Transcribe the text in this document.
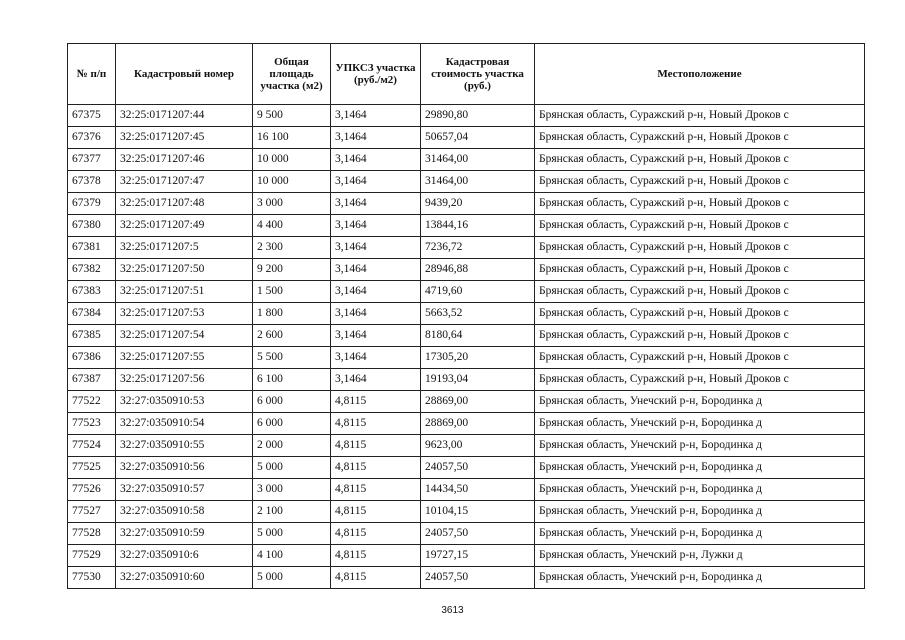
№ п/п	Кадастровый номер	Общая площадь участка (м2)	УПКСЗ участка (руб./м2)	Кадастровая стоимость участка (руб.)	Местоположение
67375	32:25:0171207:44	9 500	3,1464	29890,80	Брянская область, Суражский р-н, Новый Дроков с
67376	32:25:0171207:45	16 100	3,1464	50657,04	Брянская область, Суражский р-н, Новый Дроков с
67377	32:25:0171207:46	10 000	3,1464	31464,00	Брянская область, Суражский р-н, Новый Дроков с
67378	32:25:0171207:47	10 000	3,1464	31464,00	Брянская область, Суражский р-н, Новый Дроков с
67379	32:25:0171207:48	3 000	3,1464	9439,20	Брянская область, Суражский р-н, Новый Дроков с
67380	32:25:0171207:49	4 400	3,1464	13844,16	Брянская область, Суражский р-н, Новый Дроков с
67381	32:25:0171207:5	2 300	3,1464	7236,72	Брянская область, Суражский р-н, Новый Дроков с
67382	32:25:0171207:50	9 200	3,1464	28946,88	Брянская область, Суражский р-н, Новый Дроков с
67383	32:25:0171207:51	1 500	3,1464	4719,60	Брянская область, Суражский р-н, Новый Дроков с
67384	32:25:0171207:53	1 800	3,1464	5663,52	Брянская область, Суражский р-н, Новый Дроков с
67385	32:25:0171207:54	2 600	3,1464	8180,64	Брянская область, Суражский р-н, Новый Дроков с
67386	32:25:0171207:55	5 500	3,1464	17305,20	Брянская область, Суражский р-н, Новый Дроков с
67387	32:25:0171207:56	6 100	3,1464	19193,04	Брянская область, Суражский р-н, Новый Дроков с
77522	32:27:0350910:53	6 000	4,8115	28869,00	Брянская область, Унечский р-н, Бородинка д
77523	32:27:0350910:54	6 000	4,8115	28869,00	Брянская область, Унечский р-н, Бородинка д
77524	32:27:0350910:55	2 000	4,8115	9623,00	Брянская область, Унечский р-н, Бородинка д
77525	32:27:0350910:56	5 000	4,8115	24057,50	Брянская область, Унечский р-н, Бородинка д
77526	32:27:0350910:57	3 000	4,8115	14434,50	Брянская область, Унечский р-н, Бородинка д
77527	32:27:0350910:58	2 100	4,8115	10104,15	Брянская область, Унечский р-н, Бородинка д
77528	32:27:0350910:59	5 000	4,8115	24057,50	Брянская область, Унечский р-н, Бородинка д
77529	32:27:0350910:6	4 100	4,8115	19727,15	Брянская область, Унечский р-н, Лужки д
77530	32:27:0350910:60	5 000	4,8115	24057,50	Брянская область, Унечский р-н, Бородинка д
3613
